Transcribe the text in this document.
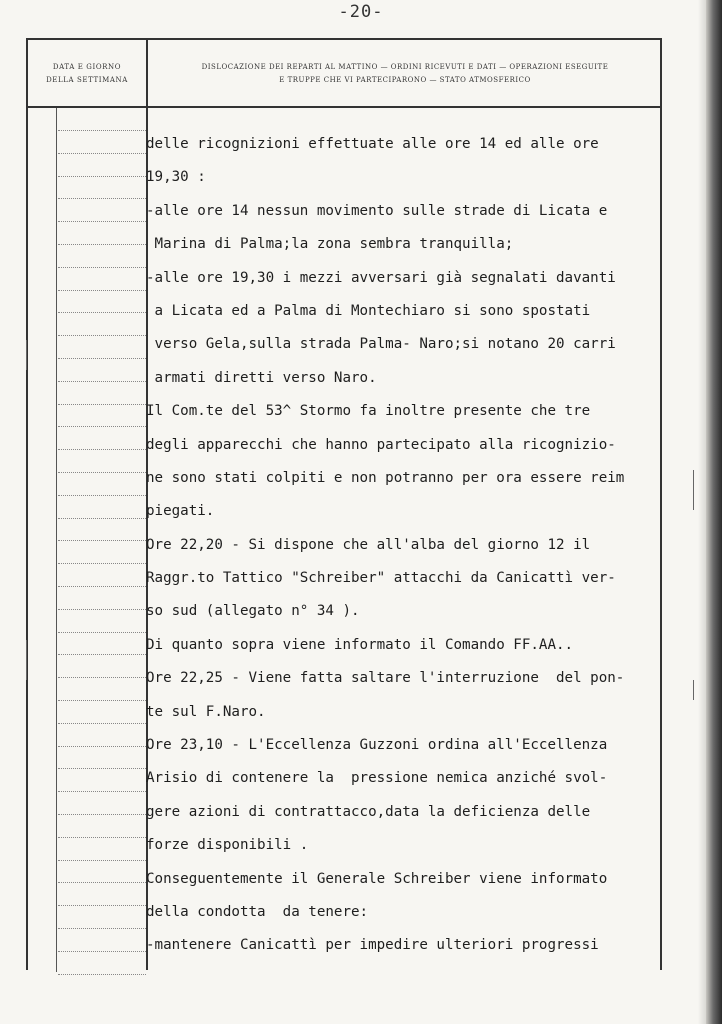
-20-
DATA E GIORNO
DELLA SETTIMANA
DISLOCAZIONE DEI REPARTI AL MATTINO — ORDINI RICEVUTI E DATI — OPERAZIONI ESEGUITE
E TRUPPE CHE VI PARTECIPARONO — STATO ATMOSFERICO
delle ricognizioni effettuate alle ore 14 ed alle ore
19,30 :
-alle ore 14 nessun movimento sulle strade di Licata e
Marina di Palma;la zona sembra tranquilla;
-alle ore 19,30 i mezzi avversari già segnalati davanti
a Licata ed a Palma di Montechiaro si sono spostati
verso Gela,sulla strada Palma- Naro;si notano 20 carri
armati diretti verso Naro.
Il Com.te del 53^ Stormo fa inoltre presente che tre
degli apparecchi che hanno partecipato alla ricognizio-
ne sono stati colpiti e non potranno per ora essere reim
piegati.
Ore 22,20 - Si dispone che all'alba del giorno 12 il
Raggr.to Tattico "Schreiber" attacchi da Canicattì ver-
so sud (allegato n° 34 ).
Di quanto sopra viene informato il Comando FF.AA..
Ore 22,25 - Viene fatta saltare l'interruzione  del pon-
te sul F.Naro.
Ore 23,10 - L'Eccellenza Guzzoni ordina all'Eccellenza
Arisio di contenere la  pressione nemica anziché svol-
gere azioni di contrattacco,data la deficienza delle
forze disponibili .
Conseguentemente il Generale Schreiber viene informato
della condotta  da tenere:
-mantenere Canicattì per impedire ulteriori progressi
